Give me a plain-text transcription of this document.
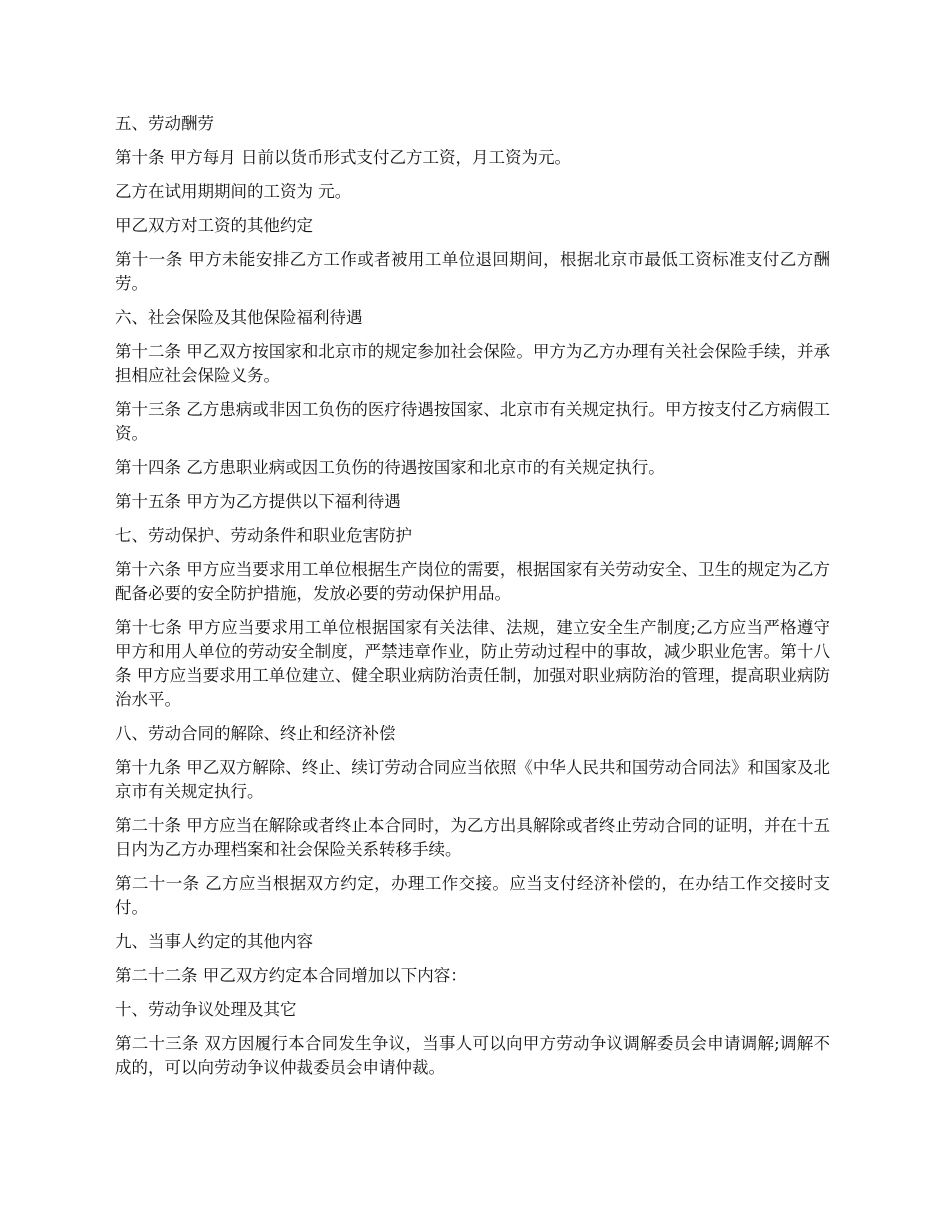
五、劳动酬劳

第十条 甲方每月 日前以货币形式支付乙方工资，月工资为元。

乙方在试用期期间的工资为 元。

甲乙双方对工资的其他约定

第十一条 甲方未能安排乙方工作或者被用工单位退回期间，根据北京市最低工资标准支付乙方酬劳。

六、社会保险及其他保险福利待遇

第十二条 甲乙双方按国家和北京市的规定参加社会保险。甲方为乙方办理有关社会保险手续，并承担相应社会保险义务。

第十三条 乙方患病或非因工负伤的医疗待遇按国家、北京市有关规定执行。甲方按支付乙方病假工资。

第十四条 乙方患职业病或因工负伤的待遇按国家和北京市的有关规定执行。

第十五条 甲方为乙方提供以下福利待遇

七、劳动保护、劳动条件和职业危害防护

第十六条 甲方应当要求用工单位根据生产岗位的需要，根据国家有关劳动安全、卫生的规定为乙方配备必要的安全防护措施，发放必要的劳动保护用品。

第十七条 甲方应当要求用工单位根据国家有关法律、法规，建立安全生产制度;乙方应当严格遵守甲方和用人单位的劳动安全制度，严禁违章作业，防止劳动过程中的事故，减少职业危害。第十八条 甲方应当要求用工单位建立、健全职业病防治责任制，加强对职业病防治的管理，提高职业病防治水平。

八、劳动合同的解除、终止和经济补偿

第十九条 甲乙双方解除、终止、续订劳动合同应当依照《中华人民共和国劳动合同法》和国家及北京市有关规定执行。

第二十条 甲方应当在解除或者终止本合同时，为乙方出具解除或者终止劳动合同的证明，并在十五日内为乙方办理档案和社会保险关系转移手续。

第二十一条 乙方应当根据双方约定，办理工作交接。应当支付经济补偿的，在办结工作交接时支付。

九、当事人约定的其他内容

第二十二条 甲乙双方约定本合同增加以下内容：

十、劳动争议处理及其它

第二十三条 双方因履行本合同发生争议，当事人可以向甲方劳动争议调解委员会申请调解;调解不成的，可以向劳动争议仲裁委员会申请仲裁。
